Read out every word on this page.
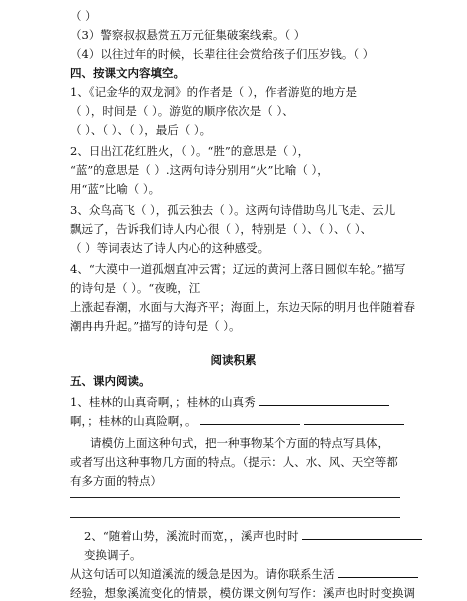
（ ）
（3）警察叔叔悬赏五万元征集破案线索。（ ）
（4）以往过年的时候，长辈往往会赏给孩子们压岁钱。（ ）
四、按课文内容填空。
1、《记金华的双龙洞》的作者是（ ），作者游览的地方是
（ ），时间是（ ）。游览的顺序依次是（ ）、
（ ）、（ ）、（ ），最后（ ）。
2、日出江花红胜火，（ ）。“胜”的意思是（ ），
“蓝”的意思是（ ）.这两句诗分别用“火”比喻（ ），
用“蓝”比喻（ ）。
3、众鸟高飞（ ），孤云独去（ ）。这两句诗借助鸟儿飞走、云儿
飘远了，告诉我们诗人内心很（ ），特别是（ ）、（ ）、（ ）、
（ ）等词表达了诗人内心的这种感受。
4、“大漠中一道孤烟直冲云霄；辽远的黄河上落日圆似车轮。”描写
的诗句是（ ）。“夜晚，江
上涨起春潮，水面与大海齐平；海面上，东边天际的明月也伴随着春
潮冉冉升起。”描写的诗句是（ ）。
阅读积累
五、课内阅读。
1、桂林的山真奇啊，；桂林的山真秀
啊，；桂林的山真险啊，。
请模仿上面这种句式，把一种事物某个方面的特点写具体，
或者写出这种事物几方面的特点。（提示：人、水、风、天空等都
有多方面的特点）
2、“随着山势，溪流时而宽，，溪声也时时
变换调子。
从这句话可以知道溪流的缓急是因为。请你联系生活
经验，想象溪流变化的情景，模仿课文例句写作：溪声也时时变换调
